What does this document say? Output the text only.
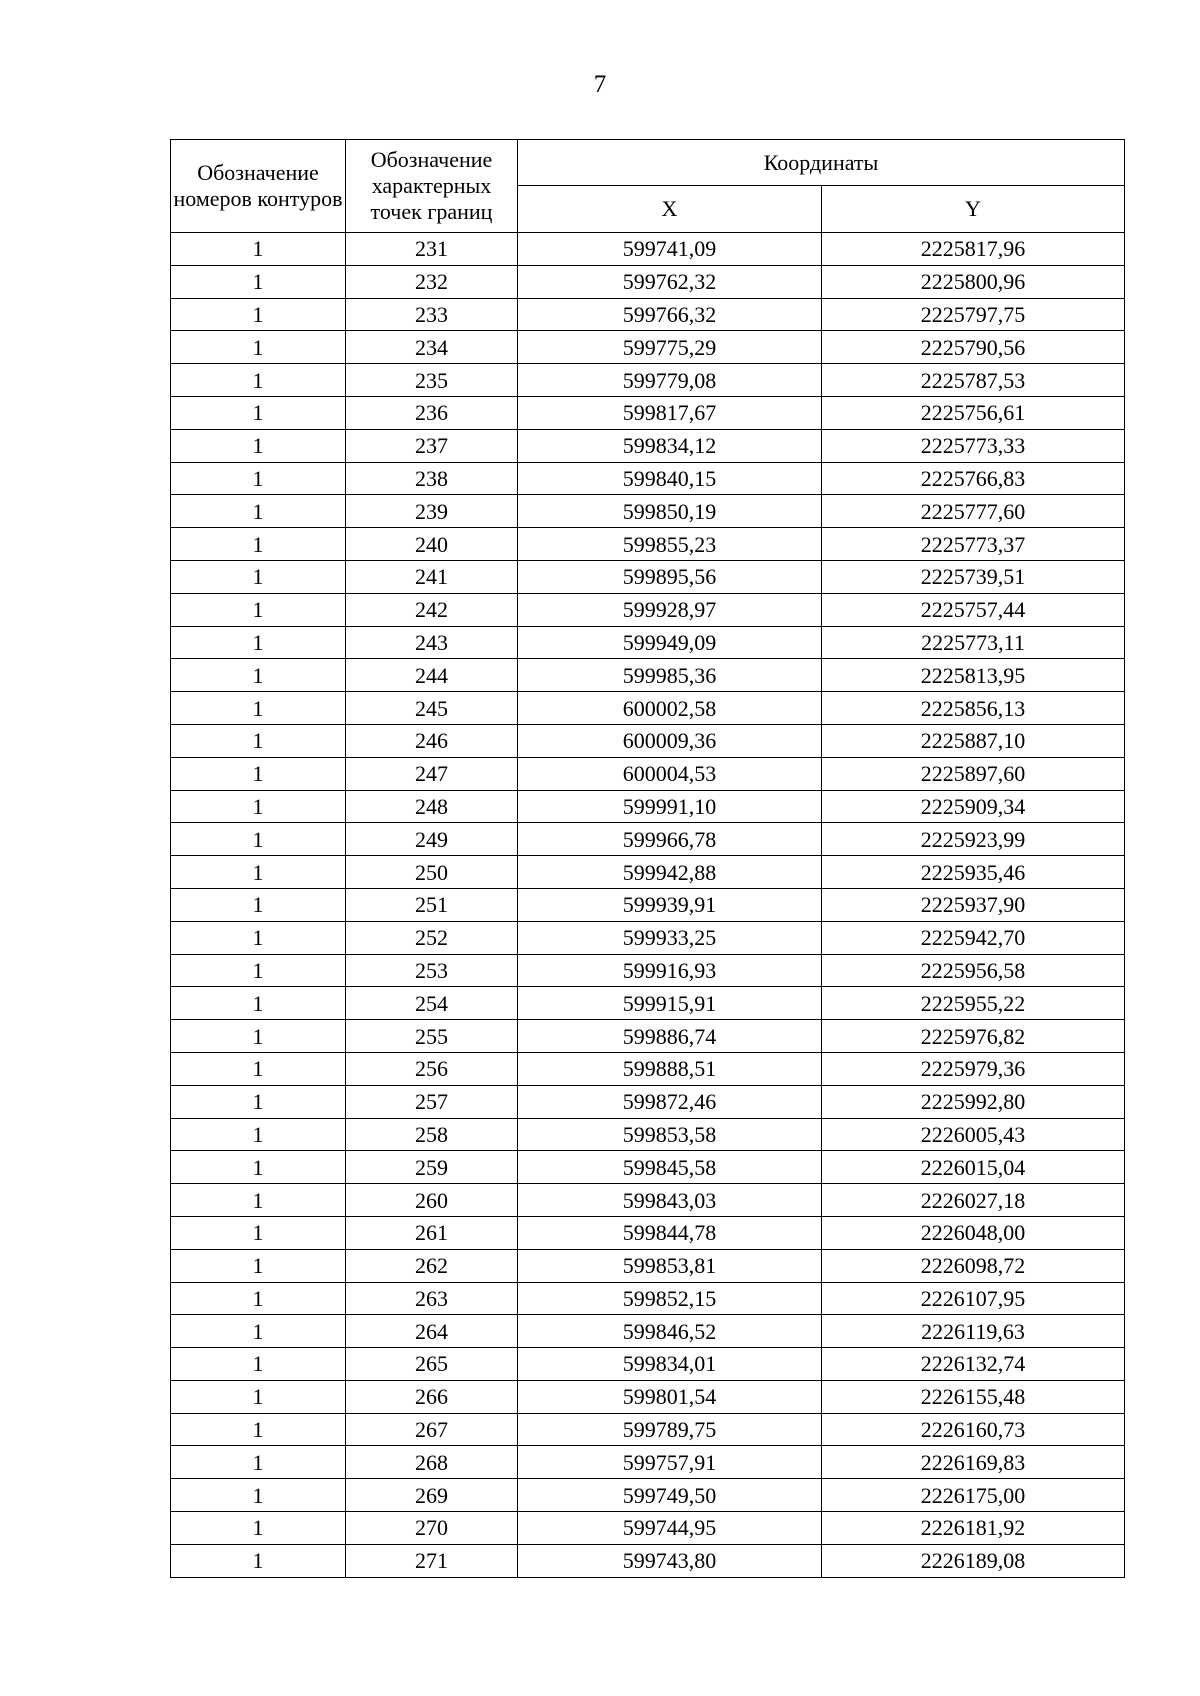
7
Обозначение номеров контуров	Обозначение характерных точек границ	Координаты	
		X	Y
1	231	599741,09	2225817,96
1	232	599762,32	2225800,96
1	233	599766,32	2225797,75
1	234	599775,29	2225790,56
1	235	599779,08	2225787,53
1	236	599817,67	2225756,61
1	237	599834,12	2225773,33
1	238	599840,15	2225766,83
1	239	599850,19	2225777,60
1	240	599855,23	2225773,37
1	241	599895,56	2225739,51
1	242	599928,97	2225757,44
1	243	599949,09	2225773,11
1	244	599985,36	2225813,95
1	245	600002,58	2225856,13
1	246	600009,36	2225887,10
1	247	600004,53	2225897,60
1	248	599991,10	2225909,34
1	249	599966,78	2225923,99
1	250	599942,88	2225935,46
1	251	599939,91	2225937,90
1	252	599933,25	2225942,70
1	253	599916,93	2225956,58
1	254	599915,91	2225955,22
1	255	599886,74	2225976,82
1	256	599888,51	2225979,36
1	257	599872,46	2225992,80
1	258	599853,58	2226005,43
1	259	599845,58	2226015,04
1	260	599843,03	2226027,18
1	261	599844,78	2226048,00
1	262	599853,81	2226098,72
1	263	599852,15	2226107,95
1	264	599846,52	2226119,63
1	265	599834,01	2226132,74
1	266	599801,54	2226155,48
1	267	599789,75	2226160,73
1	268	599757,91	2226169,83
1	269	599749,50	2226175,00
1	270	599744,95	2226181,92
1	271	599743,80	2226189,08
